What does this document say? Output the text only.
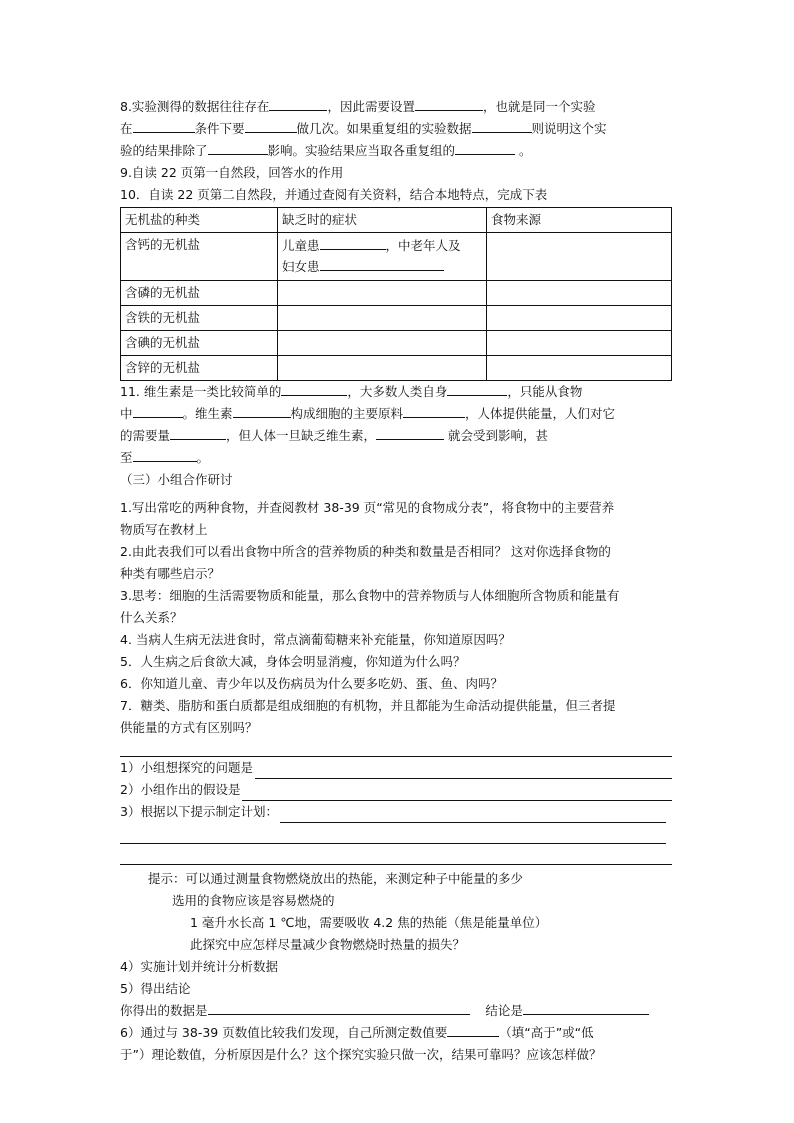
8.实验测得的数据往往存在	，因此需要设置	，也就是同一个实验
在	条件下要	做几次。如果重复组的实验数据	则说明这个实
验的结果排除了	影响。实验结果应当取各重复组的	。
9.自读 22 页第一自然段，回答水的作用
10．自读 22 页第二自然段，并通过查阅有关资料，结合本地特点，完成下表
无机盐的种类	缺乏时的症状	食物来源
含钙的无机盐	儿童患 ，中老年人及
妇女患	

含磷的无机盐		
含铁的无机盐		
含碘的无机盐		
含锌的无机盐		
11. 维生素是一类比较简单的	，大多数人类自身	，只能从食物
中	。维生素	构成细胞的主要原料	，人体提供能量，人们对它
的需要量	，但人体一旦缺乏维生素，	就会受到影响，甚
至	。
（三）小组合作研讨
1.写出常吃的两种食物，并查阅教材 38-39 页“常见的食物成分表”，将食物中的主要营养
物质写在教材上
2.由此表我们可以看出食物中所含的营养物质的种类和数量是否相同？ 这对你选择食物的
种类有哪些启示？
3.思考：细胞的生活需要物质和能量，那么食物中的营养物质与人体细胞所含物质和能量有
什么关系？
4. 当病人生病无法进食时，常点滴葡萄糖来补充能量，你知道原因吗？
5．人生病之后食欲大减，身体会明显消瘦，你知道为什么吗？
6．你知道儿童、青少年以及伤病员为什么要多吃奶、蛋、鱼、肉吗？
7．糖类、脂肪和蛋白质都是组成细胞的有机物，并且都能为生命活动提供能量，但三者提
供能量的方式有区别吗？
1）小组想探究的问题是
2）小组作出的假设是
3）根据以下提示制定计划：
提示：可以通过测量食物燃烧放出的热能，来测定种子中能量的多少
选用的食物应该是容易燃烧的
1 毫升水长高 1 ℃地，需要吸收 4.2 焦的热能（焦是能量单位）
此探究中应怎样尽量减少食物燃烧时热量的损失？
4）实施计划并统计分析数据
5）得出结论
你得出的数据是	结论是
6）通过与 38-39 页数值比较我们发现，自己所测定数值要	（填“高于”或“低
于”）理论数值，分析原因是什么？这个探究实验只做一次，结果可靠吗？应该怎样做？
